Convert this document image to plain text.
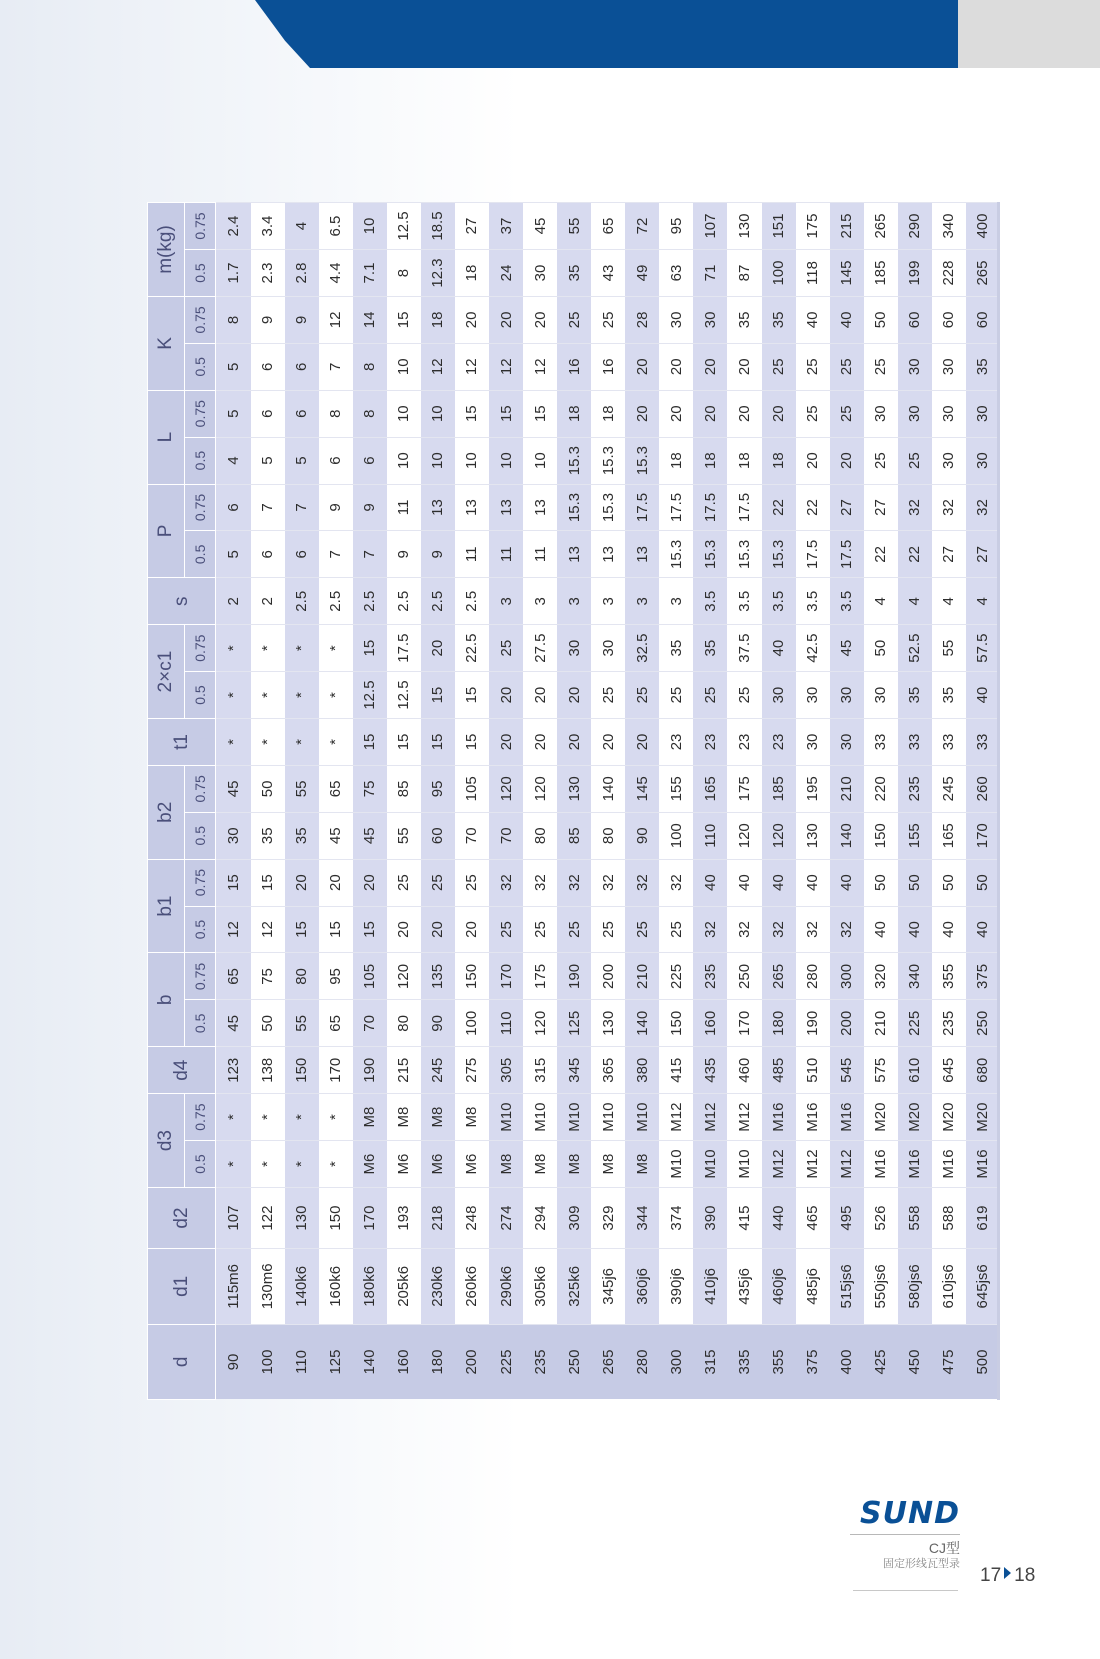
d	d1	d2	d3		d4	b		b1		b2		t1	2×c1		s	P		L		K		m(kg)	
			0.5	0.75		0.5	0.75	0.5	0.75	0.5	0.75		0.5	0.75		0.5	0.75	0.5	0.75	0.5	0.75	0.5	0.75
90	115m6	107	*	*	123	45	65	12	15	30	45	*	*	*	2	5	6	4	5	5	8	1.7	2.4
100	130m6	122	*	*	138	50	75	12	15	35	50	*	*	*	2	6	7	5	6	6	9	2.3	3.4
110	140k6	130	*	*	150	55	80	15	20	35	55	*	*	*	2.5	6	7	5	6	6	9	2.8	4
125	160k6	150	*	*	170	65	95	15	20	45	65	*	*	*	2.5	7	9	6	8	7	12	4.4	6.5
140	180k6	170	M6	M8	190	70	105	15	20	45	75	15	12.5	15	2.5	7	9	6	8	8	14	7.1	10
160	205k6	193	M6	M8	215	80	120	20	25	55	85	15	12.5	17.5	2.5	9	11	10	10	10	15	8	12.5
180	230k6	218	M6	M8	245	90	135	20	25	60	95	15	15	20	2.5	9	13	10	10	12	18	12.3	18.5
200	260k6	248	M6	M8	275	100	150	20	25	70	105	15	15	22.5	2.5	11	13	10	15	12	20	18	27
225	290k6	274	M8	M10	305	110	170	25	32	70	120	20	20	25	3	11	13	10	15	12	20	24	37
235	305k6	294	M8	M10	315	120	175	25	32	80	120	20	20	27.5	3	11	13	10	15	12	20	30	45
250	325k6	309	M8	M10	345	125	190	25	32	85	130	20	20	30	3	13	15.3	15.3	18	16	25	35	55
265	345j6	329	M8	M10	365	130	200	25	32	80	140	20	25	30	3	13	15.3	15.3	18	16	25	43	65
280	360j6	344	M8	M10	380	140	210	25	32	90	145	20	25	32.5	3	13	17.5	15.3	20	20	28	49	72
300	390j6	374	M10	M12	415	150	225	25	32	100	155	23	25	35	3	15.3	17.5	18	20	20	30	63	95
315	410j6	390	M10	M12	435	160	235	32	40	110	165	23	25	35	3.5	15.3	17.5	18	20	20	30	71	107
335	435j6	415	M10	M12	460	170	250	32	40	120	175	23	25	37.5	3.5	15.3	17.5	18	20	20	35	87	130
355	460j6	440	M12	M16	485	180	265	32	40	120	185	23	30	40	3.5	15.3	22	18	20	25	35	100	151
375	485j6	465	M12	M16	510	190	280	32	40	130	195	30	30	42.5	3.5	17.5	22	20	25	25	40	118	175
400	515js6	495	M12	M16	545	200	300	32	40	140	210	30	30	45	3.5	17.5	27	20	25	25	40	145	215
425	550js6	526	M16	M20	575	210	320	40	50	150	220	33	30	50	4	22	27	25	30	25	50	185	265
450	580js6	558	M16	M20	610	225	340	40	50	155	235	33	35	52.5	4	22	32	25	30	30	60	199	290
475	610js6	588	M16	M20	645	235	355	40	50	165	245	33	35	55	4	27	32	30	30	30	60	228	340
500	645js6	619	M16	M20	680	250	375	40	50	170	260	33	40	57.5	4	27	32	30	30	35	60	265	400
SUND
CJ型
固定形线瓦型录
17 18
